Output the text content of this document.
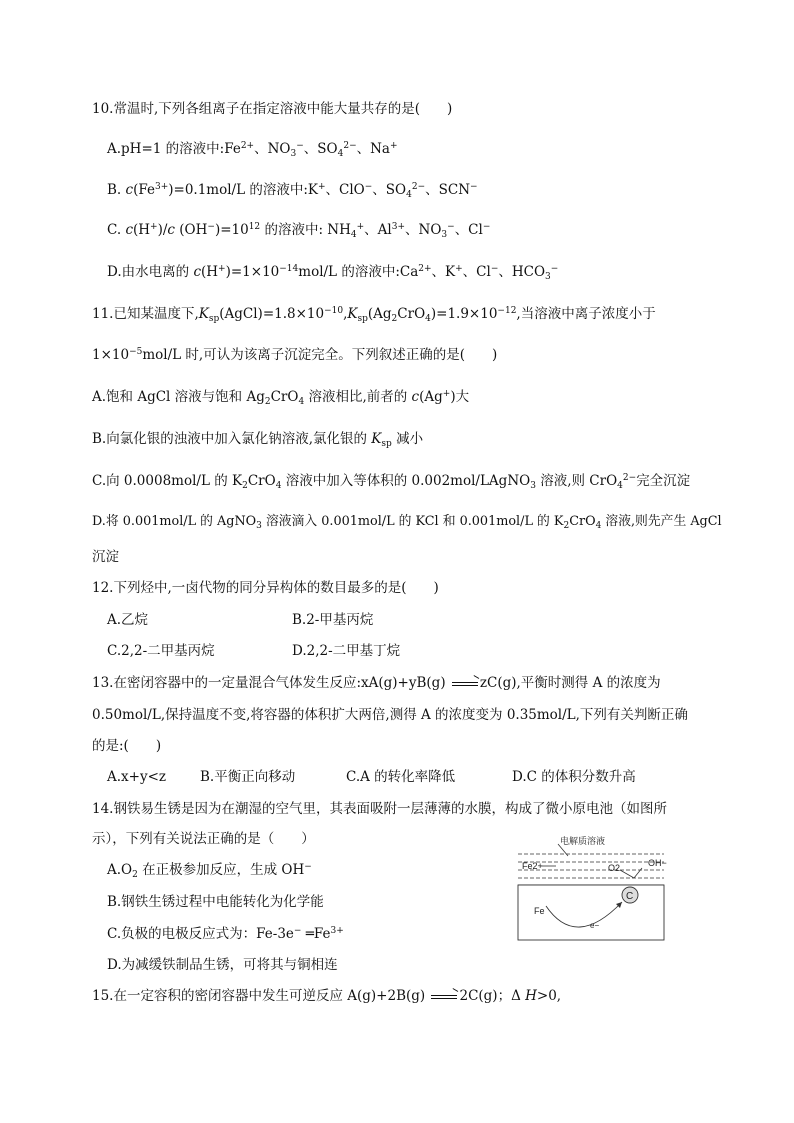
10.常温时,下列各组离子在指定溶液中能大量共存的是(　　)
A.pH=1 的溶液中$:Fe^{2+}$、$NO_3^-$、$SO_4^{2-}$、Na+
B. $c(Fe^{3+})=0.1mol/L$ 的溶液中:K+、ClO−、$SO_4^{2-}$、SCN−
C. c(H+)/c $(OH^-)=10^{12}$ 的溶液中: $NH_4^+$、$Al^{3+}$、$NO_3^-$、Cl−
D.由水电离的 $c(H^+)=1\times 10^{-14}mol/L$ 的溶液中$:Ca^{2+}$、K+、Cl−、$HCO_3^-$
11.已知某温度下$,K_{sp}(AgCl)=1.8\times 10^{-10},K_{sp}(Ag_2CrO_4)=1.9\times 10^{-12}$,当溶液中离子浓度小于
$1\times 10^{-5}mol/L$ 时,可认为该离子沉淀完全。下列叙述正确的是(　　)
A.饱和 AgCl 溶液与饱和 $Ag_2CrO_4$ 溶液相比,前者的 c(Ag+)大
B.向氯化银的浊液中加入氯化钠溶液,氯化银的 $K_{sp}$ 减小
C.向 0.0008mol/L 的 $K_2CrO_4$ 溶液中加入等体积的 0.002mol/LAgNO$_3$ 溶液,则 CrO$_4^{2-}$完全沉淀
D.将 0.001mol/L 的 AgNO$_3$ 溶液滴入 0.001mol/L 的 KCl 和 0.001mol/L 的 $K_2CrO_4$ 溶液,则先产生 AgCl
沉淀
12.下列烃中,一卤代物的同分异构体的数目最多的是(　　)
A.乙烷	B.2-甲基丙烷
C.2,2-二甲基丙烷	D.2,2-二甲基丁烷
13.在密闭容器中的一定量混合气体发生反应:xA(g)+yB(g)
zC(g),平衡时测得 A 的浓度为
0.50mol/L,保持温度不变,将容器的体积扩大两倍,测得 A 的浓度变为 0.35mol/L,下列有关判断正确
的是:(　　)
A.x+y<z	B.平衡正向移动	C.A 的转化率降低	D.C 的体积分数升高
14.钢铁易生锈是因为在潮湿的空气里，其表面吸附一层薄薄的水膜，构成了微小原电池（如图所
示），下列有关说法正确的是（　　）
$A.O_2$ 在正极参加反应，生成 OH−
B.钢铁生锈过程中电能转化为化学能
C.负极的电极反应式为：Fe-3e− $═Fe^{3+}$
D.为减缓铁制品生锈，可将其与铜相连
电解质溶液
Fe2+	O2	OH−
C
Fe
e−
15.在一定容积的密闭容器中发生可逆反应 A(g)+2B(g)
2C(g)；Δ H>0,
